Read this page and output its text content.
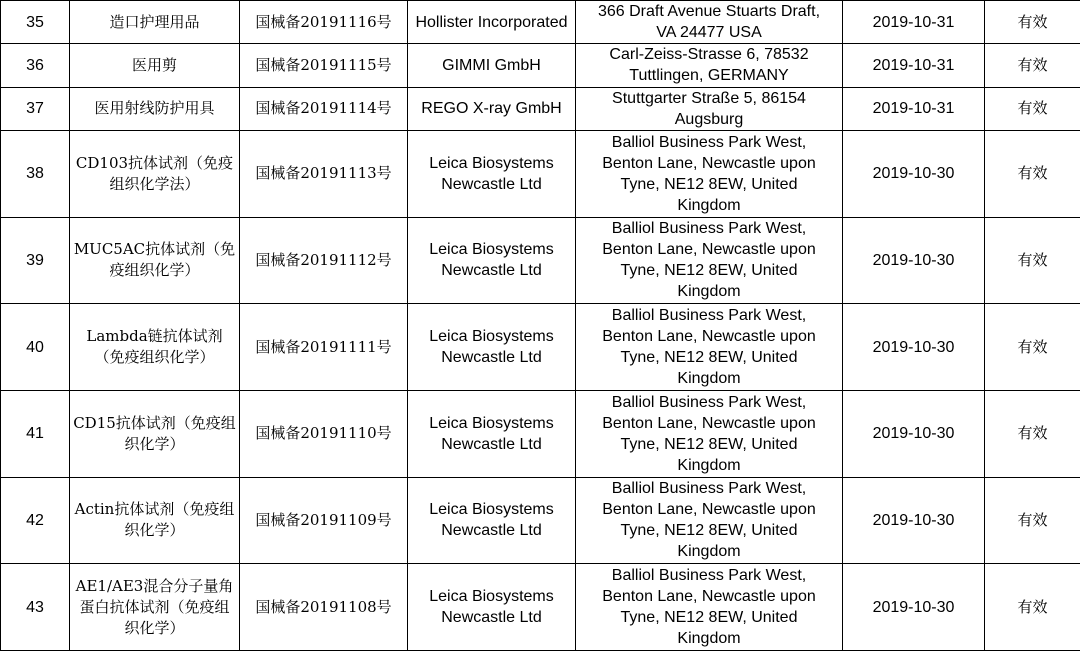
35	造口护理用品	国械备20191116号	Hollister Incorporated	366 Draft Avenue Stuarts Draft,
VA 24477 USA	2019-10-31	有效
36	医用剪	国械备20191115号	GIMMI GmbH	Carl-Zeiss-Strasse 6, 78532
Tuttlingen, GERMANY	2019-10-31	有效
37	医用射线防护用具	国械备20191114号	REGO X-ray GmbH	Stuttgarter Straße 5, 86154
Augsburg	2019-10-31	有效
38	CD103抗体试剂（免疫组织化学法）	国械备20191113号	Leica Biosystems Newcastle Ltd	Balliol Business Park West,
Benton Lane, Newcastle upon
Tyne, NE12 8EW, United
Kingdom	2019-10-30	有效
39	MUC5AC抗体试剂（免疫组织化学）	国械备20191112号	Leica Biosystems Newcastle Ltd	Balliol Business Park West,
Benton Lane, Newcastle upon
Tyne, NE12 8EW, United
Kingdom	2019-10-30	有效
40	Lambda链抗体试剂（免疫组织化学）	国械备20191111号	Leica Biosystems Newcastle Ltd	Balliol Business Park West,
Benton Lane, Newcastle upon
Tyne, NE12 8EW, United
Kingdom	2019-10-30	有效
41	CD15抗体试剂（免疫组织化学）	国械备20191110号	Leica Biosystems Newcastle Ltd	Balliol Business Park West,
Benton Lane, Newcastle upon
Tyne, NE12 8EW, United
Kingdom	2019-10-30	有效
42	Actin抗体试剂（免疫组织化学）	国械备20191109号	Leica Biosystems Newcastle Ltd	Balliol Business Park West,
Benton Lane, Newcastle upon
Tyne, NE12 8EW, United
Kingdom	2019-10-30	有效
43	AE1/AE3混合分子量角蛋白抗体试剂（免疫组织化学）	国械备20191108号	Leica Biosystems Newcastle Ltd	Balliol Business Park West,
Benton Lane, Newcastle upon
Tyne, NE12 8EW, United
Kingdom	2019-10-30	有效
